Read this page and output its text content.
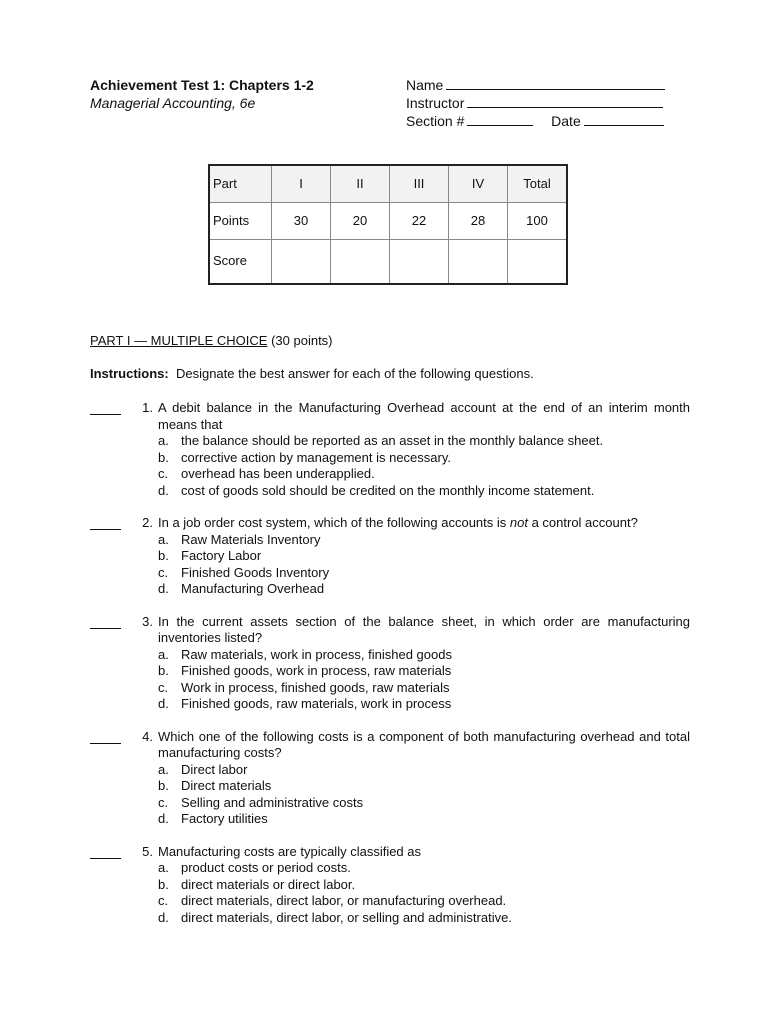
Achievement Test 1: Chapters 1-2
Managerial Accounting, 6e
Name
Instructor
Section #	Date
Part	I	II	III	IV	Total
Points	30	20	22	28	100
Score					
PART I — MULTIPLE CHOICE (30 points)
Instructions: Designate the best answer for each of the following questions.
1. A debit balance in the Manufacturing Overhead account at the end of an interim month means that
a. the balance should be reported as an asset in the monthly balance sheet.
b. corrective action by management is necessary.
c. overhead has been underapplied.
d. cost of goods sold should be credited on the monthly income statement.
2. In a job order cost system, which of the following accounts is not a control account?
a. Raw Materials Inventory
b. Factory Labor
c. Finished Goods Inventory
d. Manufacturing Overhead
3. In the current assets section of the balance sheet, in which order are manufacturing inventories listed?
a. Raw materials, work in process, finished goods
b. Finished goods, work in process, raw materials
c. Work in process, finished goods, raw materials
d. Finished goods, raw materials, work in process
4. Which one of the following costs is a component of both manufacturing overhead and total manufacturing costs?
a. Direct labor
b. Direct materials
c. Selling and administrative costs
d. Factory utilities
5. Manufacturing costs are typically classified as
a. product costs or period costs.
b. direct materials or direct labor.
c. direct materials, direct labor, or manufacturing overhead.
d. direct materials, direct labor, or selling and administrative.
